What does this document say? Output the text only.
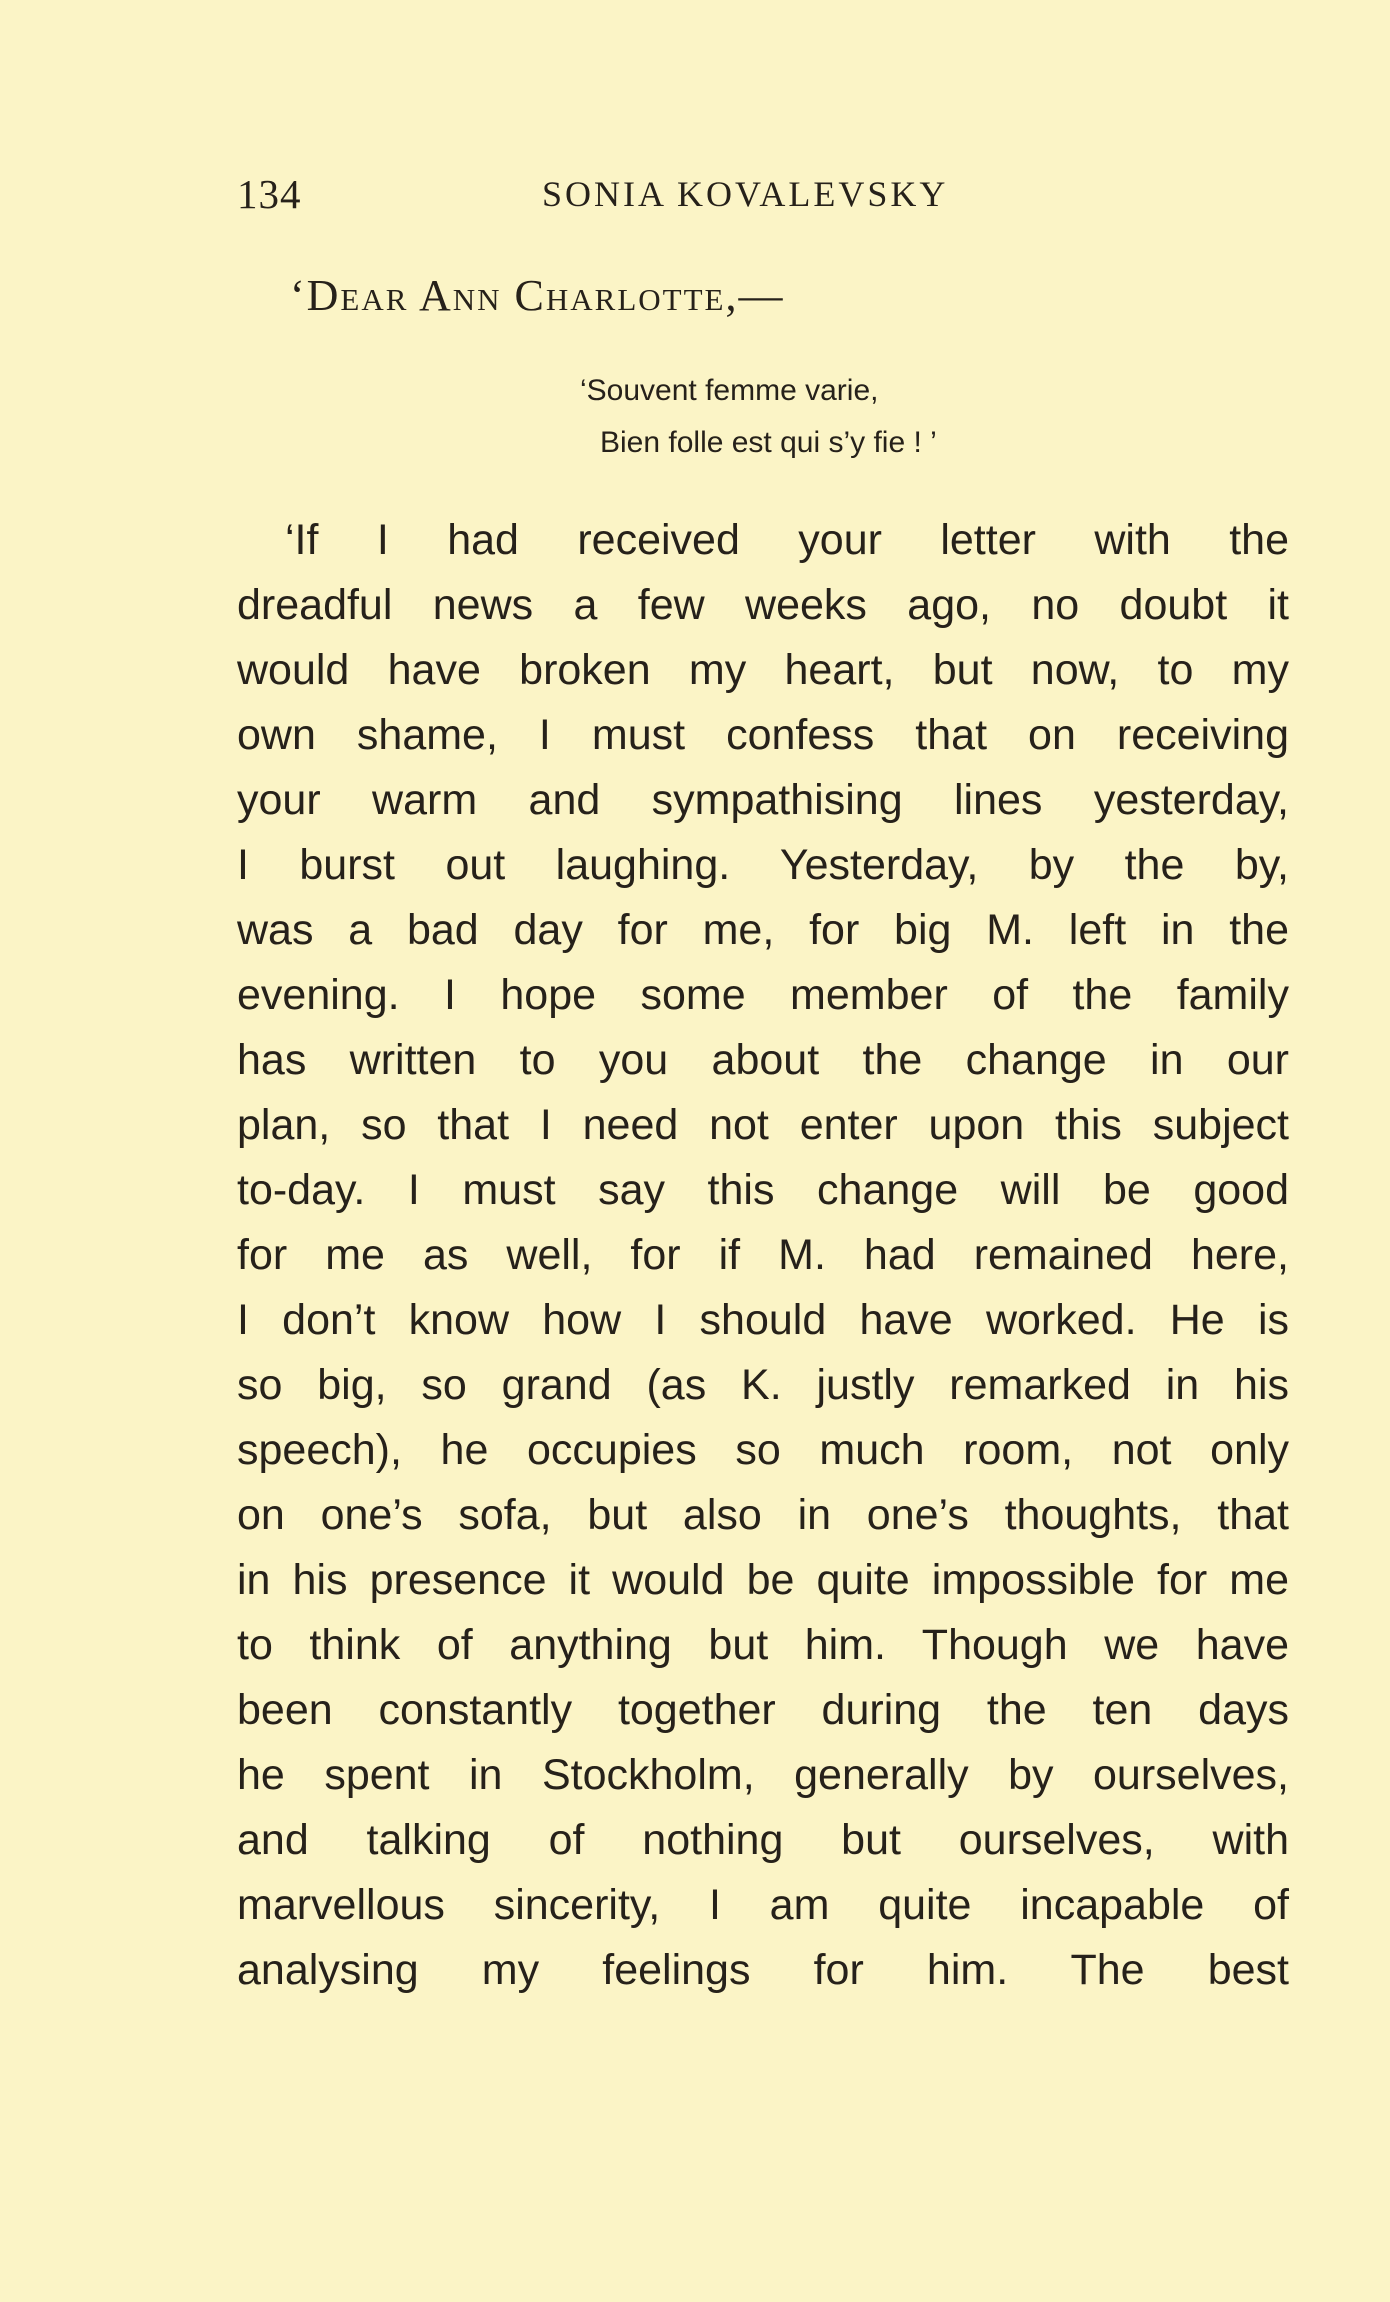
134	SONIA KOVALEVSKY
‘Dear Ann Charlotte,—
‘Souvent femme varie,
Bien folle est qui s’y fie ! ’
‘If I had received your letter with the
dreadful news a few weeks ago, no doubt it
would have broken my heart, but now, to my
own shame, I must confess that on receiving
your warm and sympathising lines yesterday,
I burst out laughing. Yesterday, by the by,
was a bad day for me, for big M. left in the
evening. I hope some member of the family
has written to you about the change in our
plan, so that I need not enter upon this subject
to-day. I must say this change will be good
for me as well, for if M. had remained here,
I don’t know how I should have worked. He is
so big, so grand (as K. justly remarked in his
speech), he occupies so much room, not only
on one’s sofa, but also in one’s thoughts, that
in his presence it would be quite impossible for me
to think of anything but him. Though we have
been constantly together during the ten days
he spent in Stockholm, generally by ourselves,
and talking of nothing but ourselves, with
marvellous sincerity, I am quite incapable of
analysing my feelings for him. The best
